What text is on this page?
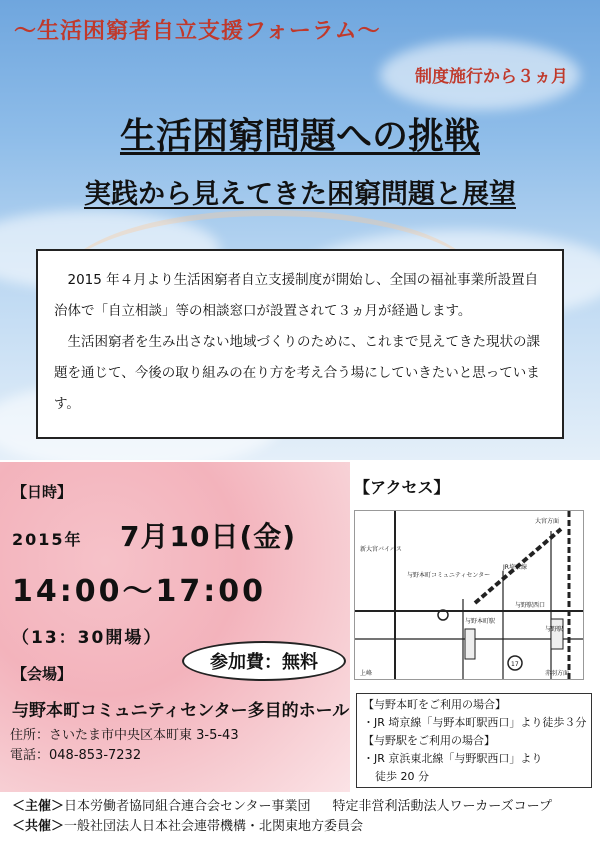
～生活困窮者自立支援フォーラム～
制度施行から３ヵ月
生活困窮問題への挑戦
実践から見えてきた困窮問題と展望

2015 年４月より生活困窮者自立支援制度が開始し、全国の福祉事業所設置自治体で「自立相談」等の相談窓口が設置されて３ヵ月が経過します。

生活困窮者を生み出さない地域づくりのために、これまで見えてきた現状の課題を通じて、今後の取り組みの在り方を考え合う場にしていきたいと思っています。

【日時】
2015年 7月10日(金)
14:00～17:00
（13：30開場）
参加費：無料
【会場】
与野本町コミュニティセンター多目的ホール
住所：さいたま市中央区本町東 3-5-43
電話：048-853-7232
【アクセス】
大宮方面
JR埼京線
新大宮バイパス
与野本町コミュニティセンター
与野本町駅
与野駅
与野駅西口
赤羽方面
上峰
17
【与野本町をご利用の場合】
・JR 埼京線「与野本町駅西口」より徒歩３分
【与野駅をご利用の場合】
・JR 京浜東北線「与野駅西口」より
徒歩 20 分
＜主催＞日本労働者協同組合連合会センター事業団 特定非営利活動法人ワーカーズコープ
＜共催＞一般社団法人日本社会連帯機構・北関東地方委員会
